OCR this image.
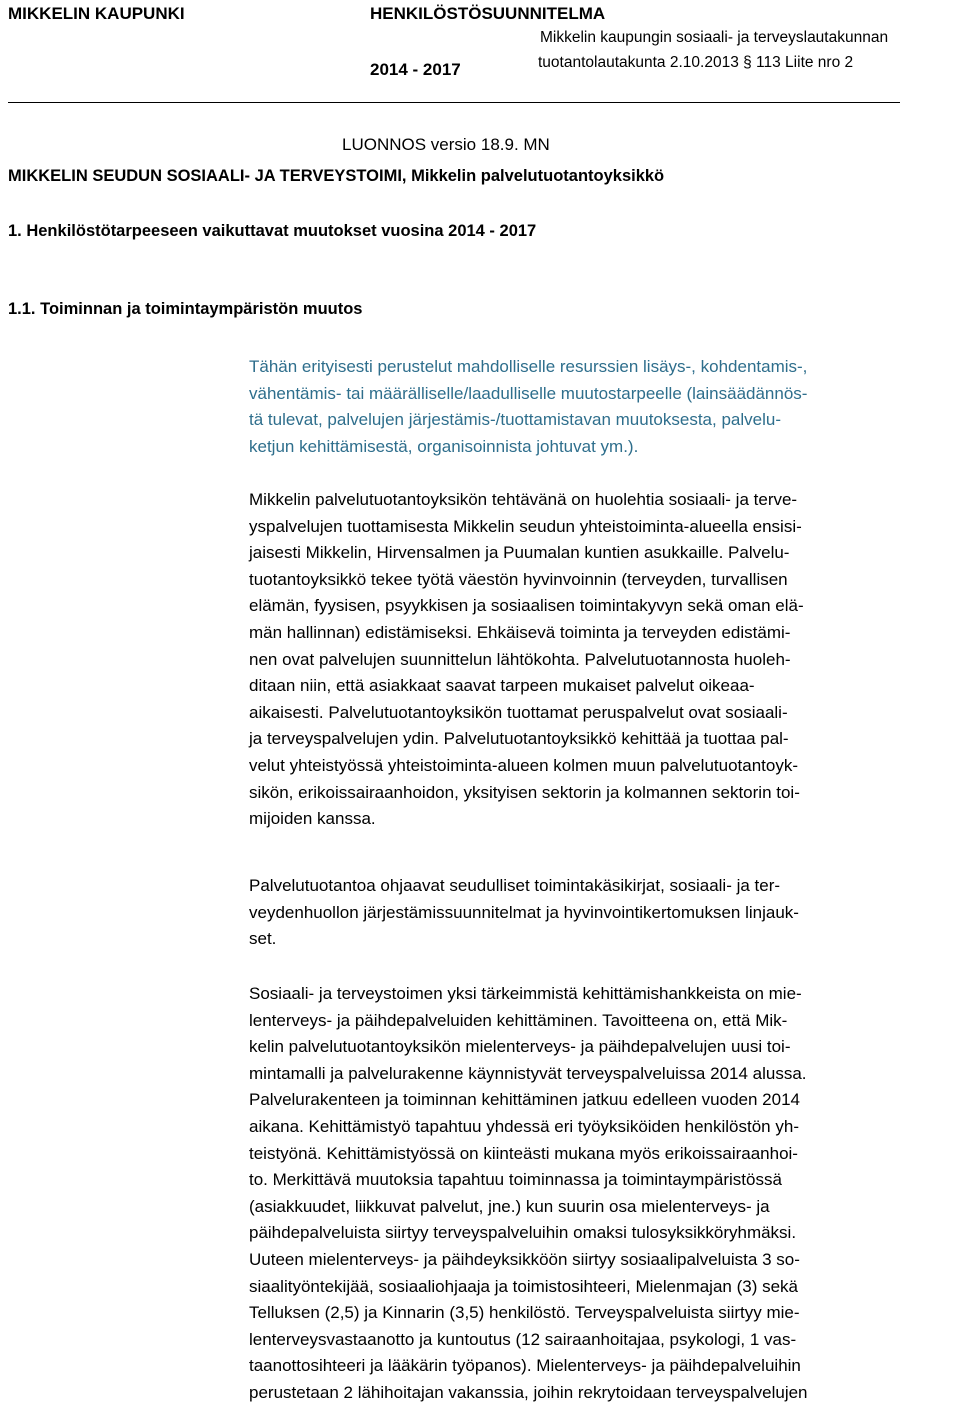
MIKKELIN KAUPUNKI	HENKILÖSTÖSUUNNITELMA
2014 - 2017
Mikkelin kaupungin sosiaali- ja terveyslautakunnan
tuotantolautakunta 2.10.2013 § 113 Liite nro 2
LUONNOS versio 18.9. MN
MIKKELIN SEUDUN SOSIAALI- JA TERVEYSTOIMI, Mikkelin palvelutuotantoyksikkö
1. Henkilöstötarpeeseen vaikuttavat muutokset vuosina 2014 - 2017
1.1. Toiminnan ja toimintaympäristön muutos
Tähän erityisesti perustelut mahdolliselle resurssien lisäys-, kohdentamis-,
vähentämis- tai määrälliselle/laadulliselle muutostarpeelle (lainsäädännös-
tä tulevat, palvelujen järjestämis-/tuottamistavan muutoksesta, palvelu-
ketjun kehittämisestä, organisoinnista johtuvat ym.).
Mikkelin palvelutuotantoyksikön tehtävänä on huolehtia sosiaali- ja terve-
yspalvelujen tuottamisesta Mikkelin seudun yhteistoiminta-alueella ensisi-
jaisesti Mikkelin, Hirvensalmen ja Puumalan kuntien asukkaille. Palvelu-
tuotantoyksikkö tekee työtä väestön hyvinvoinnin (terveyden, turvallisen
elämän, fyysisen, psyykkisen ja sosiaalisen toimintakyvyn sekä oman elä-
män hallinnan) edistämiseksi. Ehkäisevä toiminta ja terveyden edistämi-
nen ovat palvelujen suunnittelun lähtökohta. Palvelutuotannosta huoleh-
ditaan niin, että asiakkaat saavat tarpeen mukaiset palvelut oikeaa-
aikaisesti. Palvelutuotantoyksikön tuottamat peruspalvelut ovat sosiaali-
ja terveyspalvelujen ydin. Palvelutuotantoyksikkö kehittää ja tuottaa pal-
velut yhteistyössä yhteistoiminta-alueen kolmen muun palvelutuotantoyk-
sikön, erikoissairaanhoidon, yksityisen sektorin ja kolmannen sektorin toi-
mijoiden kanssa.
Palvelutuotantoa ohjaavat seudulliset toimintakäsikirjat, sosiaali- ja ter-
veydenhuollon järjestämissuunnitelmat ja hyvinvointikertomuksen linjauk-
set.
Sosiaali- ja terveystoimen yksi tärkeimmistä kehittämishankkeista on mie-
lenterveys- ja päihdepalveluiden kehittäminen. Tavoitteena on, että Mik-
kelin palvelutuotantoyksikön mielenterveys- ja päihdepalvelujen uusi toi-
mintamalli ja palvelurakenne käynnistyvät terveyspalveluissa 2014 alussa.
Palvelurakenteen ja toiminnan kehittäminen jatkuu edelleen vuoden 2014
aikana. Kehittämistyö tapahtuu yhdessä eri työyksiköiden henkilöstön yh-
teistyönä. Kehittämistyössä on kiinteästi mukana myös erikoissairaanhoi-
to. Merkittävä muutoksia tapahtuu toiminnassa ja toimintaympäristössä
(asiakkuudet, liikkuvat palvelut, jne.) kun suurin osa mielenterveys- ja
päihdepalveluista siirtyy terveyspalveluihin omaksi tulosyksikköryhmäksi.
Uuteen mielenterveys- ja päihdeyksikköön siirtyy sosiaalipalveluista 3 so-
siaalityöntekijää, sosiaaliohjaaja ja toimistosihteeri, Mielenmajan (3) sekä
Telluksen (2,5) ja Kinnarin (3,5) henkilöstö. Terveyspalveluista siirtyy mie-
lenterveysvastaanotto ja kuntoutus (12 sairaanhoitajaa, psykologi, 1 vas-
taanottosihteeri ja lääkärin työpanos). Mielenterveys- ja päihdepalveluihin
perustetaan 2 lähihoitajan vakanssia, joihin rekrytoidaan terveyspalvelujen
